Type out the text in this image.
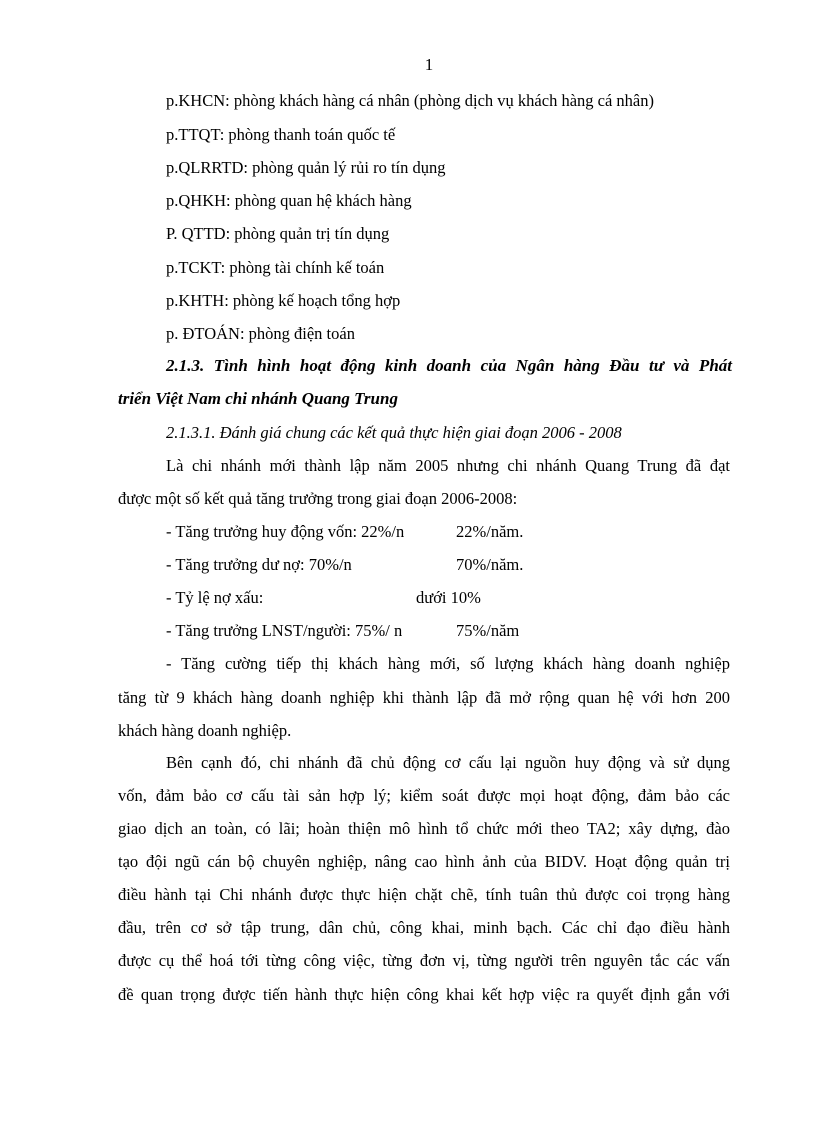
1
p.KHCN: phòng khách hàng cá nhân (phòng dịch vụ khách hàng cá nhân)
p.TTQT: phòng thanh toán quốc tế
p.QLRRTD: phòng quản lý rủi ro tín dụng
p.QHKH: phòng quan hệ khách hàng
P. QTTD: phòng quản trị tín dụng
p.TCKT: phòng tài chính kế toán
p.KHTH: phòng kế hoạch tổng hợp
p. ĐTOÁN: phòng điện toán
2.1.3. Tình hình hoạt động kinh doanh của Ngân hàng Đầu tư và Phát
triển Việt Nam chi nhánh Quang Trung
2.1.3.1. Đánh giá chung các kết quả thực hiện giai đoạn 2006 - 2008
Là chi nhánh mới thành lập năm 2005 nhưng chi nhánh Quang Trung đã đạt
được một số kết quả tăng trưởng trong giai đoạn 2006-2008:
- Tăng trưởng huy động vốn: 22%/n	22%/năm.
- Tăng trưởng dư nợ: 70%/n	70%/năm.
- Tỷ lệ nợ xấu:	dưới 10%
- Tăng trưởng LNST/người: 75%/ n	75%/năm
- Tăng cường tiếp thị khách hàng mới, số lượng khách hàng doanh nghiệp
tăng từ 9 khách hàng doanh nghiệp khi thành lập đã mở rộng quan hệ với hơn 200
khách hàng doanh nghiệp.
Bên cạnh đó, chi nhánh đã chủ động cơ cấu lại nguồn huy động và sử dụng
vốn, đảm bảo cơ cấu tài sản hợp lý; kiểm soát được mọi hoạt động, đảm bảo các
giao dịch an toàn, có lãi; hoàn thiện mô hình tổ chức mới theo TA2; xây dựng, đào
tạo đội ngũ cán bộ chuyên nghiệp, nâng cao hình ảnh của BIDV. Hoạt động quản trị
điều hành tại Chi nhánh được thực hiện chặt chẽ, tính tuân thủ được coi trọng hàng
đầu, trên cơ sở tập trung, dân chủ, công khai, minh bạch. Các chỉ đạo điều hành
được cụ thể hoá tới từng công việc, từng đơn vị, từng người trên nguyên tắc các vấn
đề quan trọng được tiến hành thực hiện công khai kết hợp việc ra quyết định gắn với
